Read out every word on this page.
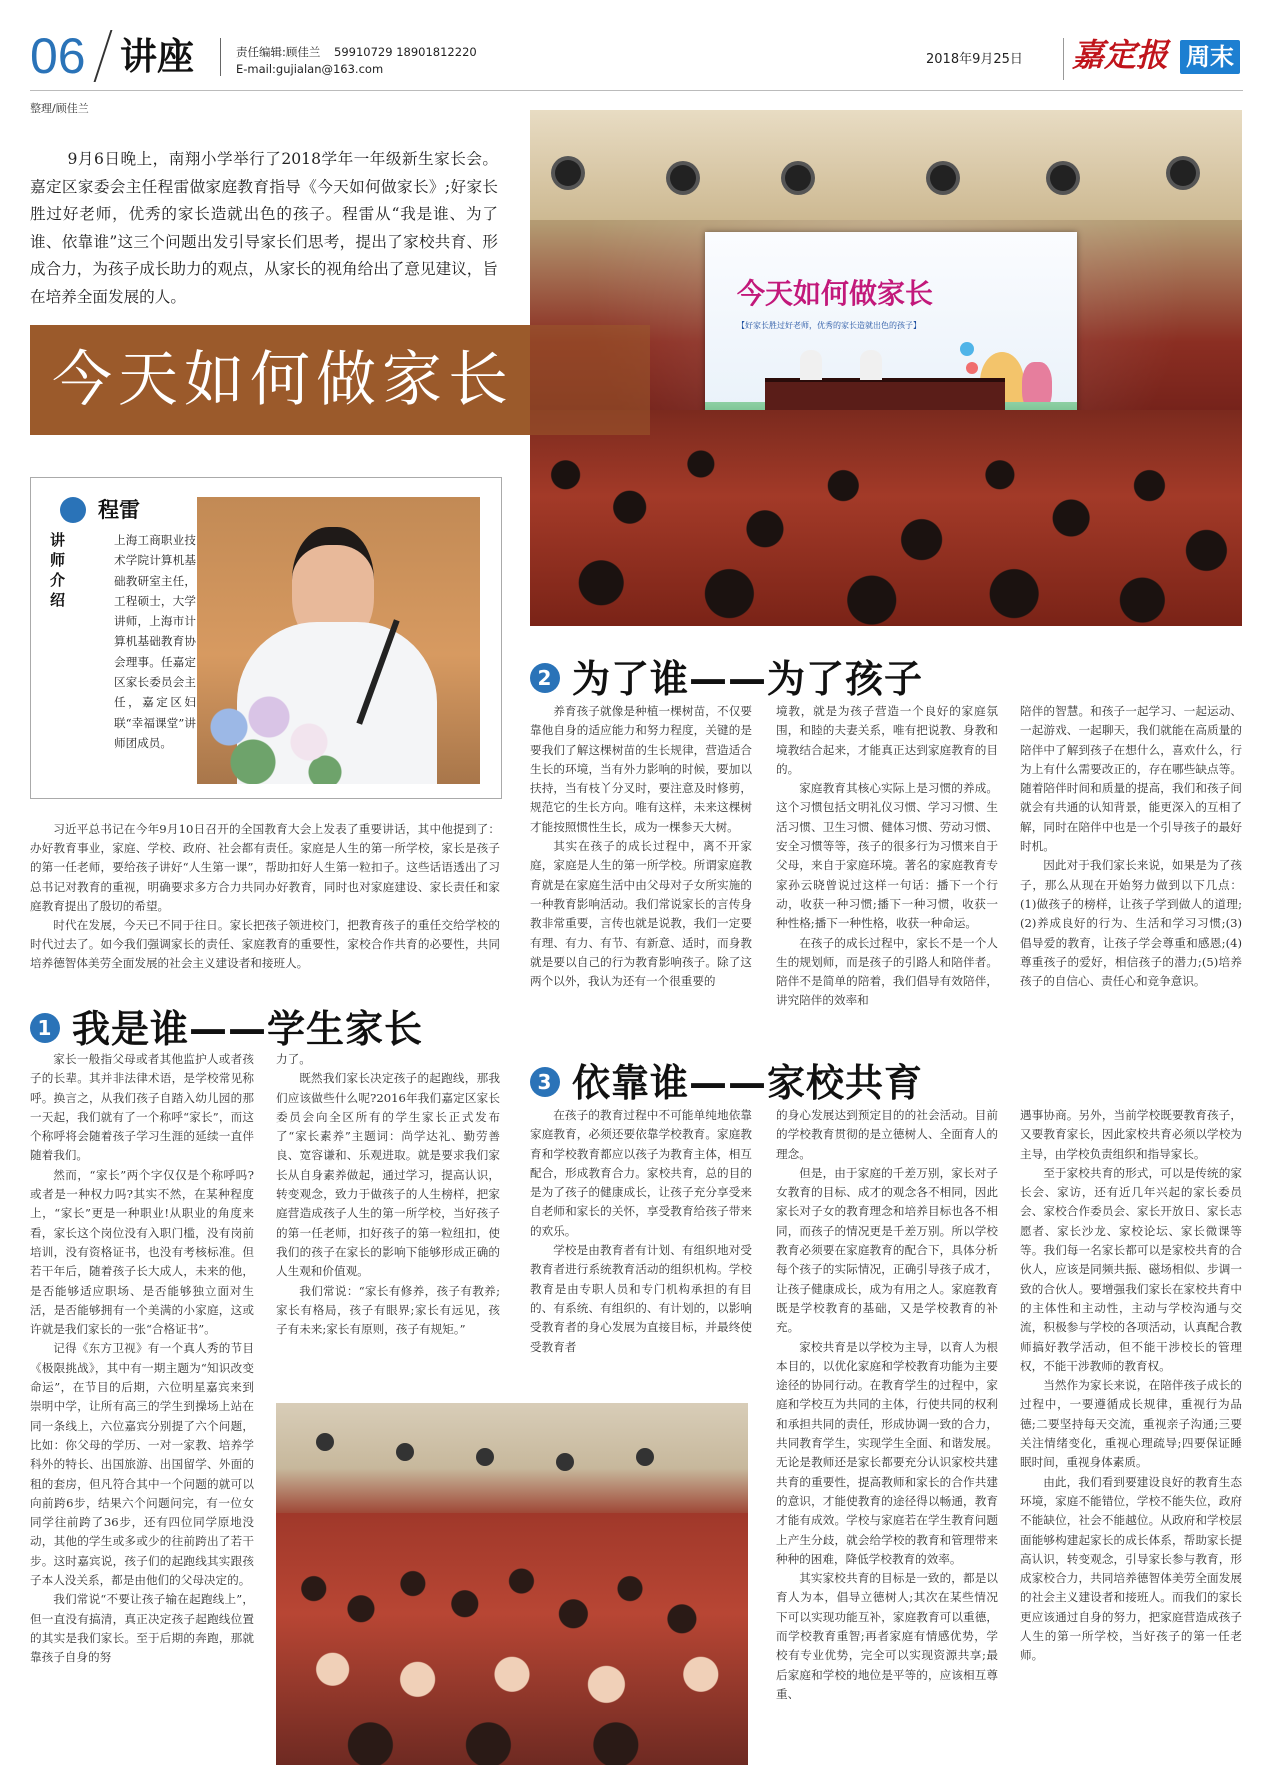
06 讲座	责任编辑:顾佳兰 59910729 18901812220
E-mail:gujialan@163.com
2018年9月25日 嘉定报 周末
整理/顾佳兰
9月6日晚上，南翔小学举行了2018学年一年级新生家长会。嘉定区家委会主任程雷做家庭教育指导《今天如何做家长》;好家长胜过好老师，优秀的家长造就出色的孩子。程雷从“我是谁、为了谁、依靠谁”这三个问题出发引导家长们思考，提出了家校共育、形成合力，为孩子成长助力的观点，从家长的视角给出了意见建议，旨在培养全面发展的人。	今天如何做家长
【好家长胜过好老师，优秀的家长造就出色的孩子】
今天如何做家长
程雷
讲师介绍
上海工商职业技术学院计算机基础教研室主任，工程硕士，大学讲师，上海市计算机基础教育协会理事。任嘉定区家长委员会主任，嘉定区妇联“幸福课堂”讲师团成员。

习近平总书记在今年9月10日召开的全国教育大会上发表了重要讲话，其中他提到了：办好教育事业，家庭、学校、政府、社会都有责任。家庭是人生的第一所学校，家长是孩子的第一任老师，要给孩子讲好“人生第一课”，帮助扣好人生第一粒扣子。这些话语透出了习总书记对教育的重视，明确要求多方合力共同办好教育，同时也对家庭建设、家长责任和家庭教育提出了殷切的希望。

时代在发展，今天已不同于往日。家长把孩子领进校门，把教育孩子的重任交给学校的时代过去了。如今我们强调家长的责任、家庭教育的重要性，家校合作共育的必要性，共同培养德智体美劳全面发展的社会主义建设者和接班人。

1 我是谁——学生家长

家长一般指父母或者其他监护人或者孩子的长辈。其并非法律术语，是学校常见称呼。换言之，从我们孩子自踏入幼儿园的那一天起，我们就有了一个称呼“家长”，而这个称呼将会随着孩子学习生涯的延续一直伴随着我们。

然而，“家长”两个字仅仅是个称呼吗?或者是一种权力吗?其实不然，在某种程度上，“家长”更是一种职业!从职业的角度来看，家长这个岗位没有入职门槛，没有岗前培训，没有资格证书，也没有考核标准。但若干年后，随着孩子长大成人，未来的他，是否能够适应职场、是否能够独立面对生活，是否能够拥有一个美满的小家庭，这或许就是我们家长的一张“合格证书”。

记得《东方卫视》有一个真人秀的节目《极限挑战》，其中有一期主题为“知识改变命运”，在节目的后期，六位明星嘉宾来到崇明中学，让所有高三的学生到操场上站在同一条线上，六位嘉宾分别提了六个问题，比如：你父母的学历、一对一家教、培养学科外的特长、出国旅游、出国留学、外面的租的套房，但凡符合其中一个问题的就可以向前跨6步，结果六个问题问完，有一位女同学往前跨了36步，还有四位同学原地没动，其他的学生或多或少的往前跨出了若干步。这时嘉宾说，孩子们的起跑线其实跟孩子本人没关系，都是由他们的父母决定的。

我们常说“不要让孩子输在起跑线上”，但一直没有搞清，真正决定孩子起跑线位置的其实是我们家长。至于后期的奔跑，那就靠孩子自身的努

力了。

既然我们家长决定孩子的起跑线，那我们应该做些什么呢?2016年我们嘉定区家长委员会向全区所有的学生家长正式发布了“家长素养”主题词：尚学达礼、勤劳善良、宽容谦和、乐观进取。就是要求我们家长从自身素养做起，通过学习，提高认识，转变观念，致力于做孩子的人生榜样，把家庭营造成孩子人生的第一所学校，当好孩子的第一任老师，扣好孩子的第一粒纽扣，使我们的孩子在家长的影响下能够形成正确的人生观和价值观。

我们常说：“家长有修养，孩子有教养;家长有格局，孩子有眼界;家长有远见，孩子有未来;家长有原则，孩子有规矩。”

2 为了谁——为了孩子

养育孩子就像是种植一棵树苗，不仅要靠他自身的适应能力和努力程度，关键的是要我们了解这棵树苗的生长规律，营造适合生长的环境，当有外力影响的时候，要加以扶持，当有枝丫分叉时，要注意及时修剪，规范它的生长方向。唯有这样，未来这棵树才能按照惯性生长，成为一棵参天大树。

其实在孩子的成长过程中，离不开家庭，家庭是人生的第一所学校。所谓家庭教育就是在家庭生活中由父母对子女所实施的一种教育影响活动。我们常说家长的言传身教非常重要，言传也就是说教，我们一定要有理、有力、有节、有新意、适时，而身教就是要以自己的行为教育影响孩子。除了这两个以外，我认为还有一个很重要的

境教，就是为孩子营造一个良好的家庭氛围，和睦的夫妻关系，唯有把说教、身教和境教结合起来，才能真正达到家庭教育的目的。

家庭教育其核心实际上是习惯的养成。这个习惯包括文明礼仪习惯、学习习惯、生活习惯、卫生习惯、健体习惯、劳动习惯、安全习惯等等，孩子的很多行为习惯来自于父母，来自于家庭环境。著名的家庭教育专家孙云晓曾说过这样一句话：播下一个行动，收获一种习惯;播下一种习惯，收获一种性格;播下一种性格，收获一种命运。

在孩子的成长过程中，家长不是一个人生的规划师，而是孩子的引路人和陪伴者。陪伴不是简单的陪着，我们倡导有效陪伴，讲究陪伴的效率和

陪伴的智慧。和孩子一起学习、一起运动、一起游戏、一起聊天，我们就能在高质量的陪伴中了解到孩子在想什么，喜欢什么，行为上有什么需要改正的，存在哪些缺点等。随着陪伴时间和质量的提高，我们和孩子间就会有共通的认知背景，能更深入的互相了解，同时在陪伴中也是一个引导孩子的最好时机。

因此对于我们家长来说，如果是为了孩子，那么从现在开始努力做到以下几点：(1)做孩子的榜样，让孩子学到做人的道理;(2)养成良好的行为、生活和学习习惯;(3)倡导爱的教育，让孩子学会尊重和感恩;(4)尊重孩子的爱好，相信孩子的潜力;(5)培养孩子的自信心、责任心和竞争意识。

3 依靠谁——家校共育

在孩子的教育过程中不可能单纯地依靠家庭教育，必须还要依靠学校教育。家庭教育和学校教育都应以孩子为教育主体，相互配合，形成教育合力。家校共育，总的目的是为了孩子的健康成长，让孩子充分享受来自老师和家长的关怀，享受教育给孩子带来的欢乐。

学校是由教育者有计划、有组织地对受教育者进行系统教育活动的组织机构。学校教育是由专职人员和专门机构承担的有目的、有系统、有组织的、有计划的，以影响受教育者的身心发展为直接目标，并最终使受教育者

的身心发展达到预定目的的社会活动。目前的学校教育贯彻的是立德树人、全面育人的理念。

但是，由于家庭的千差万别，家长对子女教育的目标、成才的观念各不相同，因此家长对子女的教育理念和培养目标也各不相同，而孩子的情况更是千差万别。所以学校教育必须要在家庭教育的配合下，具体分析每个孩子的实际情况，正确引导孩子成才，让孩子健康成长，成为有用之人。家庭教育既是学校教育的基础，又是学校教育的补充。

家校共育是以学校为主导，以育人为根本目的，以优化家庭和学校教育功能为主要途径的协同行动。在教育学生的过程中，家庭和学校互为共同的主体，行使共同的权利和承担共同的责任，形成协调一致的合力，共同教育学生，实现学生全面、和谐发展。无论是教师还是家长都要充分认识家校共建共育的重要性，提高教师和家长的合作共建的意识，才能使教育的途径得以畅通，教育才能有成效。学校与家庭若在学生教育问题上产生分歧，就会给学校的教育和管理带来种种的困难，降低学校教育的效率。

其实家校共育的目标是一致的，都是以育人为本，倡导立德树人;其次在某些情况下可以实现功能互补，家庭教育可以重德，而学校教育重智;再者家庭有情感优势，学校有专业优势，完全可以实现资源共享;最后家庭和学校的地位是平等的，应该相互尊重、

遇事协商。另外，当前学校既要教育孩子，又要教育家长，因此家校共育必须以学校为主导，由学校负责组织和指导家长。

至于家校共育的形式，可以是传统的家长会、家访，还有近几年兴起的家长委员会、家校合作委员会、家长开放日、家长志愿者、家长沙龙、家校论坛、家长微课等等。我们每一名家长都可以是家校共育的合伙人，应该是同频共振、磁场相似、步调一致的合伙人。要增强我们家长在家校共育中的主体性和主动性，主动与学校沟通与交流，积极参与学校的各项活动，认真配合教师搞好教学活动，但不能干涉校长的管理权，不能干涉教师的教育权。

当然作为家长来说，在陪伴孩子成长的过程中，一要遵循成长规律，重视行为品德;二要坚持每天交流，重视亲子沟通;三要关注情绪变化，重视心理疏导;四要保证睡眠时间，重视身体素质。

由此，我们看到要建设良好的教育生态环境，家庭不能错位，学校不能失位，政府不能缺位，社会不能越位。从政府和学校层面能够构建起家长的成长体系，帮助家长提高认识，转变观念，引导家长参与教育，形成家校合力，共同培养德智体美劳全面发展的社会主义建设者和接班人。而我们的家长更应该通过自身的努力，把家庭营造成孩子人生的第一所学校，当好孩子的第一任老师。
